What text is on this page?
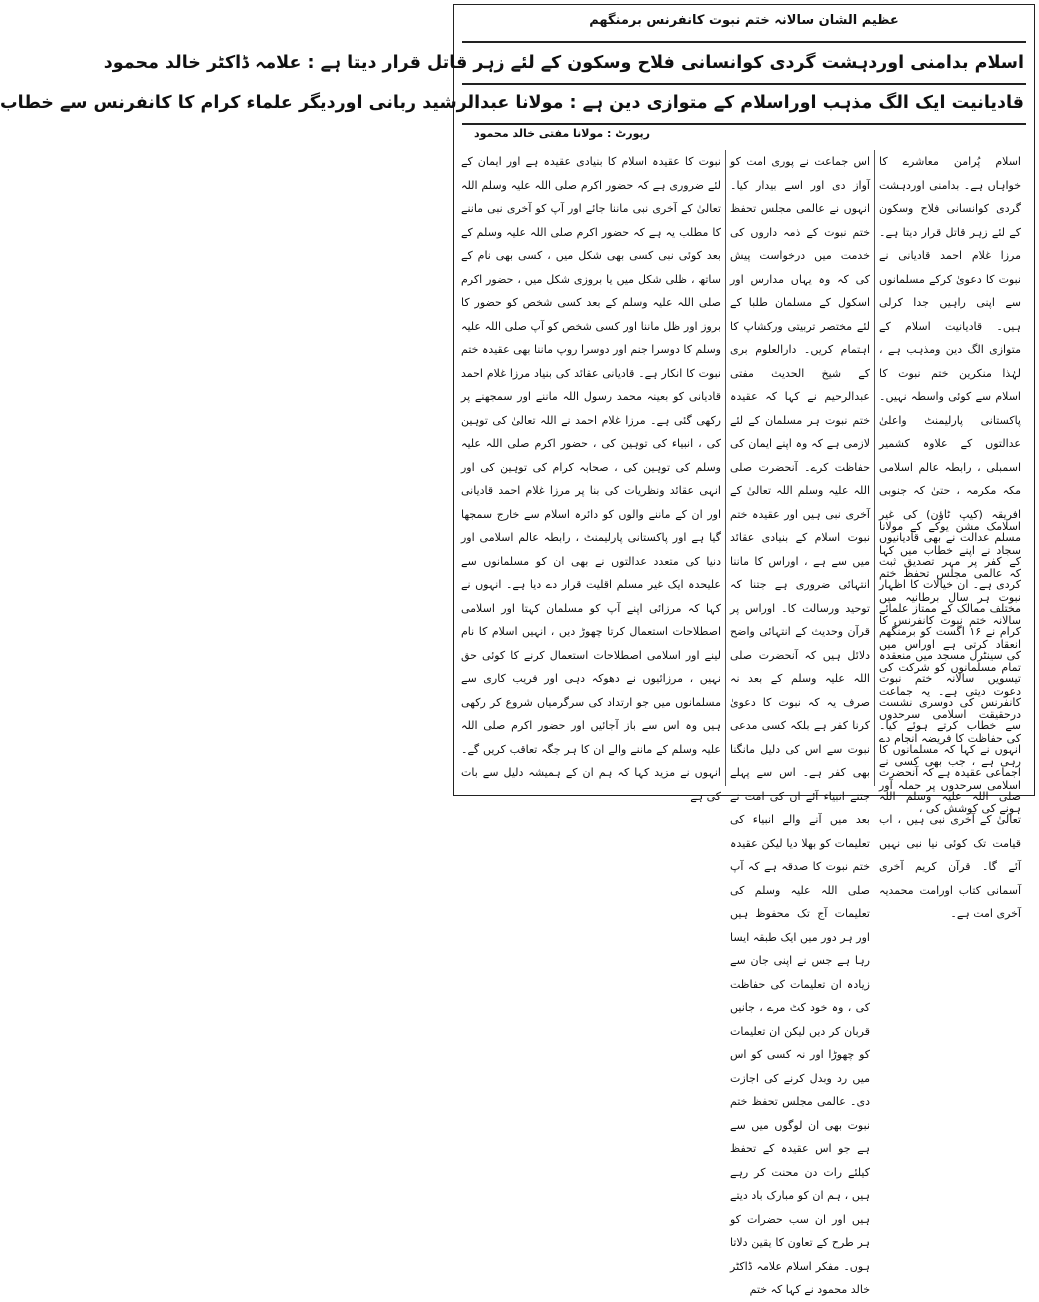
عظیم الشان سالانہ ختم نبوت کانفرنس برمنگھم
اسلام بدامنی اوردہشت گردی کوانسانی فلاح وسکون کے لئے زہر قاتل قرار دیتا ہے : علامہ ڈاکٹر خالد محمود
قادیانیت ایک الگ مذہب اوراسلام کے متوازی دین ہے : مولانا عبدالرشید ربانی اوردیگر علماء کرام کا کانفرنس سے خطاب
رپورٹ : مولانا مفتی خالد محمود

اسلام پُرامن معاشرے کا خواہاں ہے۔ بدامنی اوردہشت گردی کوانسانی فلاح وسکون کے لئے زہر قاتل قرار دیتا ہے۔ مرزا غلام احمد قادیانی نے نبوت کا دعویٰ کرکے مسلمانوں سے اپنی راہیں جدا کرلی ہیں۔ قادیانیت اسلام کے متوازی الگ دین ومذہب ہے ، لہٰذا منکرین ختم نبوت کا اسلام سے کوئی واسطہ نہیں۔ پاکستانی پارلیمنٹ واعلیٰ عدالتوں کے علاوہ کشمیر اسمبلی ، رابطہ عالم اسلامی مکہ مکرمہ ، حتیٰ کہ جنوبی افریقہ (کیپ ٹاؤن) کی غیر مسلم عدالت نے بھی قادیانیوں کے کفر پر مہر تصدیق ثبت کردی ہے۔ ان خیالات کا اظہار مختلف ممالک کے ممتاز علمائے کرام نے ۱۶ اگست کو برمنگھم کی سینٹرل مسجد میں منعقدہ تیسویں سالانہ ختم نبوت کانفرنس کی دوسری نشست سے خطاب کرتے ہوئے کیا۔ انہوں نے کہا کہ مسلمانوں کا اجماعی عقیدہ ہے کہ آنحضرت صلی اللہ علیہ وسلم اللہ تعالیٰ کے آخری نبی ہیں ، اب قیامت تک کوئی نیا نبی نہیں آئے گا۔ قرآن کریم آخری آسمانی کتاب اورامت محمدیہ آخری امت ہے۔

اسلامک مشن یوکے کے مولانا سجاد نے اپنے خطاب میں کہا کہ عالمی مجلس تحفظ ختم نبوت ہر سال برطانیہ میں سالانہ ختم نبوت کانفرنس کا انعقاد کرتی ہے اوراس میں تمام مسلمانوں کو شرکت کی دعوت دیتی ہے۔ یہ جماعت درحقیقت اسلامی سرحدوں کی حفاظت کا فریضہ انجام دے رہی ہے ، جب بھی کسی نے اسلامی سرحدوں پر حملہ آور ہونے کی کوشش کی ،

اس جماعت نے پوری امت کو آواز دی اور اسے بیدار کیا۔ انہوں نے عالمی مجلس تحفظ ختم نبوت کے ذمہ داروں کی خدمت میں درخواست پیش کی کہ وہ یہاں مدارس اور اسکول کے مسلمان طلبا کے لئے مختصر تربیتی ورکشاپ کا اہتمام کریں۔ دارالعلوم بری کے شیخ الحدیث مفتی عبدالرحیم نے کہا کہ عقیدہ ختم نبوت ہر مسلمان کے لئے لازمی ہے کہ وہ اپنے ایمان کی حفاظت کرے۔ آنحضرت صلی اللہ علیہ وسلم اللہ تعالیٰ کے آخری نبی ہیں اور عقیدہ ختم نبوت اسلام کے بنیادی عقائد میں سے ہے ، اوراس کا ماننا انتہائی ضروری ہے جتنا کہ توحید ورسالت کا۔ اوراس پر قرآن وحدیث کے انتہائی واضح دلائل ہیں کہ آنحضرت صلی اللہ علیہ وسلم کے بعد نہ صرف یہ کہ نبوت کا دعویٰ کرنا کفر ہے بلکہ کسی مدعی نبوت سے اس کی دلیل مانگنا بھی کفر ہے۔ اس سے پہلے جتنے انبیاء آئے ان کی امت نے بعد میں آنے والے انبیاء کی تعلیمات کو بھلا دیا لیکن عقیدہ ختم نبوت کا صدقہ ہے کہ آپ صلی اللہ علیہ وسلم کی تعلیمات آج تک محفوظ ہیں اور ہر دور میں ایک طبقہ ایسا رہا ہے جس نے اپنی جان سے زیادہ ان تعلیمات کی حفاظت کی ، وہ خود کٹ مرے ، جانیں قربان کر دیں لیکن ان تعلیمات کو چھوڑا اور نہ کسی کو اس میں رد وبدل کرنے کی اجازت دی۔ عالمی مجلس تحفظ ختم نبوت بھی ان لوگوں میں سے ہے جو اس عقیدہ کے تحفظ کیلئے رات دن محنت کر رہے ہیں ، ہم ان کو مبارک باد دیتے ہیں اور ان سب حضرات کو ہر طرح کے تعاون کا یقین دلاتا ہوں۔ مفکر اسلام علامہ ڈاکٹر خالد محمود نے کہا کہ ختم

نبوت کا عقیدہ اسلام کا بنیادی عقیدہ ہے اور ایمان کے لئے ضروری ہے کہ حضور اکرم صلی اللہ علیہ وسلم اللہ تعالیٰ کے آخری نبی ماننا جائے اور آپ کو آخری نبی ماننے کا مطلب یہ ہے کہ حضور اکرم صلی اللہ علیہ وسلم کے بعد کوئی نبی کسی بھی شکل میں ، کسی بھی نام کے ساتھ ، ظلی شکل میں یا بروزی شکل میں ، حضور اکرم صلی اللہ علیہ وسلم کے بعد کسی شخص کو حضور کا بروز اور ظل ماننا اور کسی شخص کو آپ صلی اللہ علیہ وسلم کا دوسرا جنم اور دوسرا روپ ماننا بھی عقیدہ ختم نبوت کا انکار ہے۔ قادیانی عقائد کی بنیاد مرزا غلام احمد قادیانی کو بعینہ محمد رسول اللہ ماننے اور سمجھنے پر رکھی گئی ہے۔ مرزا غلام احمد نے اللہ تعالیٰ کی توہین کی ، انبیاء کی توہین کی ، حضور اکرم صلی اللہ علیہ وسلم کی توہین کی ، صحابہ کرام کی توہین کی اور انہی عقائد ونظریات کی بنا پر مرزا غلام احمد قادیانی اور ان کے ماننے والوں کو دائرہ اسلام سے خارج سمجھا گیا ہے اور پاکستانی پارلیمنٹ ، رابطہ عالم اسلامی اور دنیا کی متعدد عدالتوں نے بھی ان کو مسلمانوں سے علیحدہ ایک غیر مسلم اقلیت قرار دے دیا ہے۔ انہوں نے کہا کہ مرزائی اپنے آپ کو مسلمان کہتا اور اسلامی اصطلاحات استعمال کرتا چھوڑ دیں ، انہیں اسلام کا نام لینے اور اسلامی اصطلاحات استعمال کرنے کا کوئی حق نہیں ، مرزائیوں نے دھوکہ دہی اور فریب کاری سے مسلمانوں میں جو ارتداد کی سرگرمیاں شروع کر رکھی ہیں وہ اس سے باز آجائیں اور حضور اکرم صلی اللہ علیہ وسلم کے ماننے والے ان کا ہر جگہ تعاقب کریں گے۔ انہوں نے مزید کہا کہ ہم ان کے ہمیشہ دلیل سے بات کی ہے
